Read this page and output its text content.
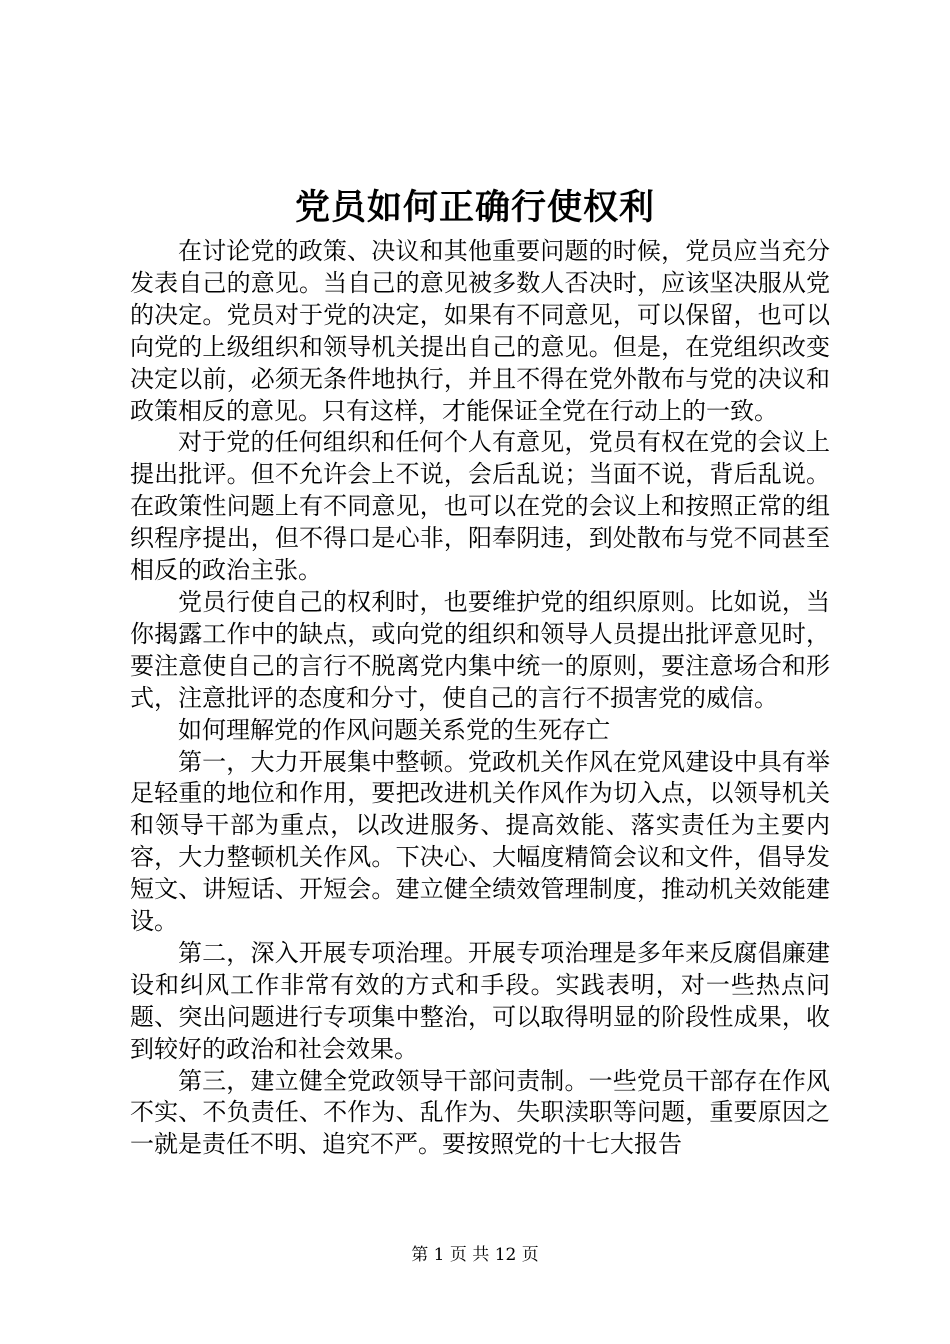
党员如何正确行使权利

在讨论党的政策、决议和其他重要问题的时候，党员应当充分发表自己的意见。当自己的意见被多数人否决时，应该坚决服从党的决定。党员对于党的决定，如果有不同意见，可以保留，也可以向党的上级组织和领导机关提出自己的意见。但是，在党组织改变决定以前，必须无条件地执行，并且不得在党外散布与党的决议和政策相反的意见。只有这样，才能保证全党在行动上的一致。

对于党的任何组织和任何个人有意见，党员有权在党的会议上提出批评。但不允许会上不说，会后乱说；当面不说，背后乱说。在政策性问题上有不同意见，也可以在党的会议上和按照正常的组织程序提出，但不得口是心非，阳奉阴违，到处散布与党不同甚至相反的政治主张。

党员行使自己的权利时，也要维护党的组织原则。比如说，当你揭露工作中的缺点，或向党的组织和领导人员提出批评意见时，要注意使自己的言行不脱离党内集中统一的原则，要注意场合和形式，注意批评的态度和分寸，使自己的言行不损害党的威信。

如何理解党的作风问题关系党的生死存亡

第一，大力开展集中整顿。党政机关作风在党风建设中具有举足轻重的地位和作用，要把改进机关作风作为切入点，以领导机关和领导干部为重点，以改进服务、提高效能、落实责任为主要内容，大力整顿机关作风。下决心、大幅度精简会议和文件，倡导发短文、讲短话、开短会。建立健全绩效管理制度，推动机关效能建设。

第二，深入开展专项治理。开展专项治理是多年来反腐倡廉建设和纠风工作非常有效的方式和手段。实践表明，对一些热点问题、突出问题进行专项集中整治，可以取得明显的阶段性成果，收到较好的政治和社会效果。

第三，建立健全党政领导干部问责制。一些党员干部存在作风不实、不负责任、不作为、乱作为、失职渎职等问题，重要原因之一就是责任不明、追究不严。要按照党的十七大报告

第 1 页 共 12 页
